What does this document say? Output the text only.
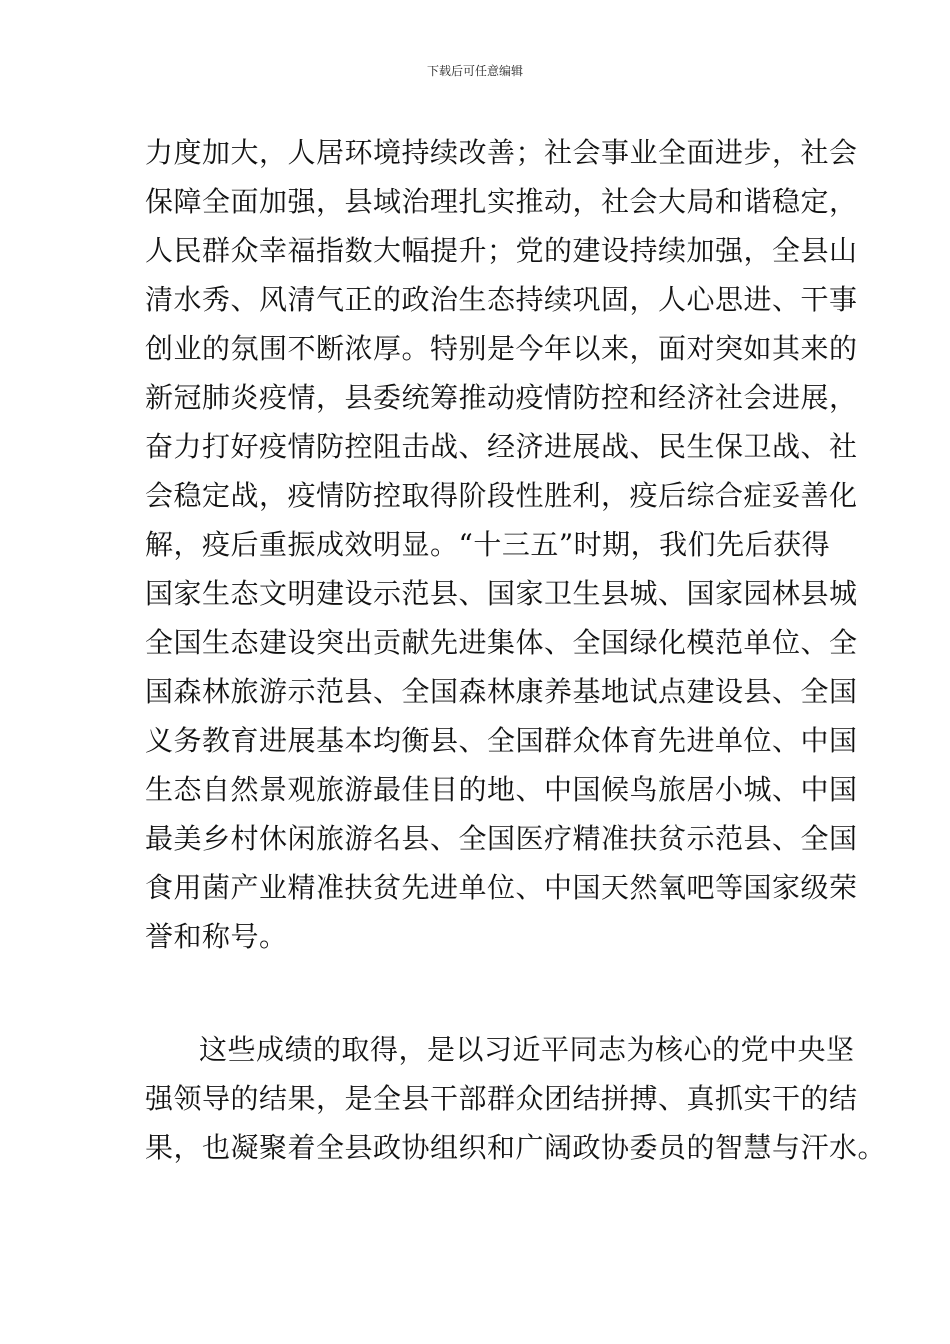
下载后可任意编辑
力度加大，人居环境持续改善；社会事业全面进步，社会
保障全面加强，县域治理扎实推动，社会大局和谐稳定，
人民群众幸福指数大幅提升；党的建设持续加强，全县山
清水秀、风清气正的政治生态持续巩固，人心思进、干事
创业的氛围不断浓厚。特别是今年以来，面对突如其来的
新冠肺炎疫情，县委统筹推动疫情防控和经济社会进展，
奋力打好疫情防控阻击战、经济进展战、民生保卫战、社
会稳定战，疫情防控取得阶段性胜利，疫后综合症妥善化
解，疫后重振成效明显。“十三五”时期，我们先后获得
国家生态文明建设示范县、国家卫生县城、国家园林县城
全国生态建设突出贡献先进集体、全国绿化模范单位、全
国森林旅游示范县、全国森林康养基地试点建设县、全国
义务教育进展基本均衡县、全国群众体育先进单位、中国
生态自然景观旅游最佳目的地、中国候鸟旅居小城、中国
最美乡村休闲旅游名县、全国医疗精准扶贫示范县、全国
食用菌产业精准扶贫先进单位、中国天然氧吧等国家级荣
誉和称号。
这些成绩的取得，是以习近平同志为核心的党中央坚
强领导的结果，是全县干部群众团结拼搏、真抓实干的结
果，也凝聚着全县政协组织和广阔政协委员的智慧与汗水。
